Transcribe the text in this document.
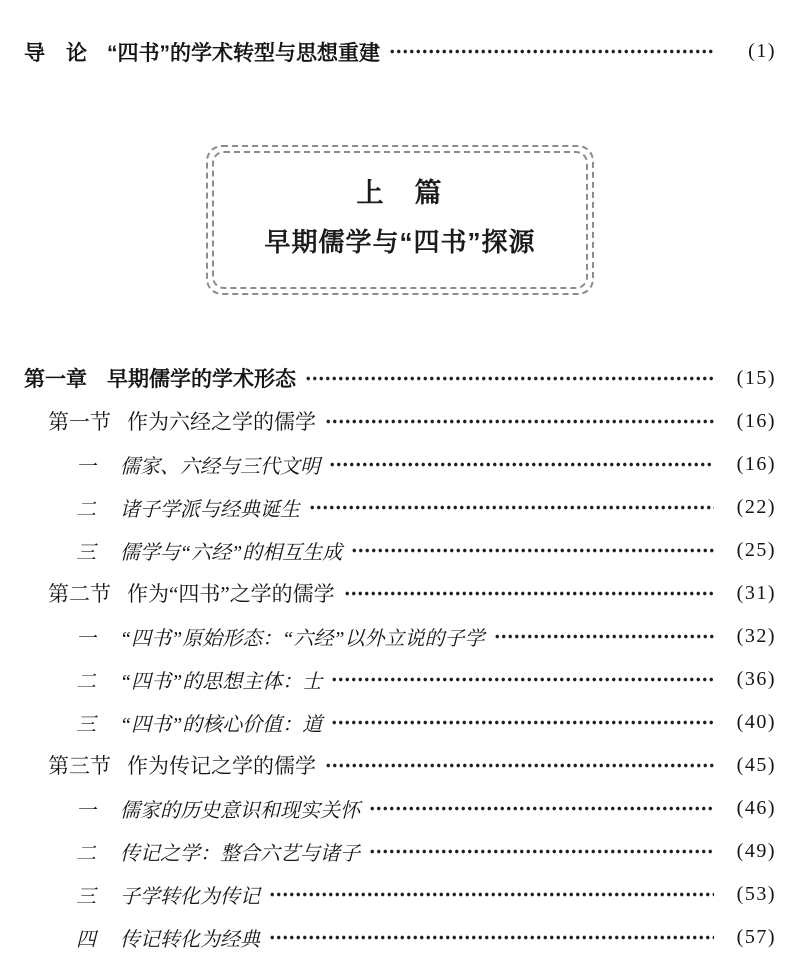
导　论 “四书”的学术转型与思想重建	(1)
上　篇
早期儒学与“四书”探源
第一章 早期儒学的学术形态	(15)
第一节 作为六经之学的儒学	(16)
一 儒家、六经与三代文明	(16)
二 诸子学派与经典诞生	(22)
三 儒学与“六经”的相互生成	(25)
第二节 作为“四书”之学的儒学	(31)
一 “四书”原始形态：“六经”以外立说的子学	(32)
二 “四书”的思想主体：士	(36)
三 “四书”的核心价值：道	(40)
第三节 作为传记之学的儒学	(45)
一 儒家的历史意识和现实关怀	(46)
二 传记之学：整合六艺与诸子	(49)
三 子学转化为传记	(53)
四 传记转化为经典	(57)
